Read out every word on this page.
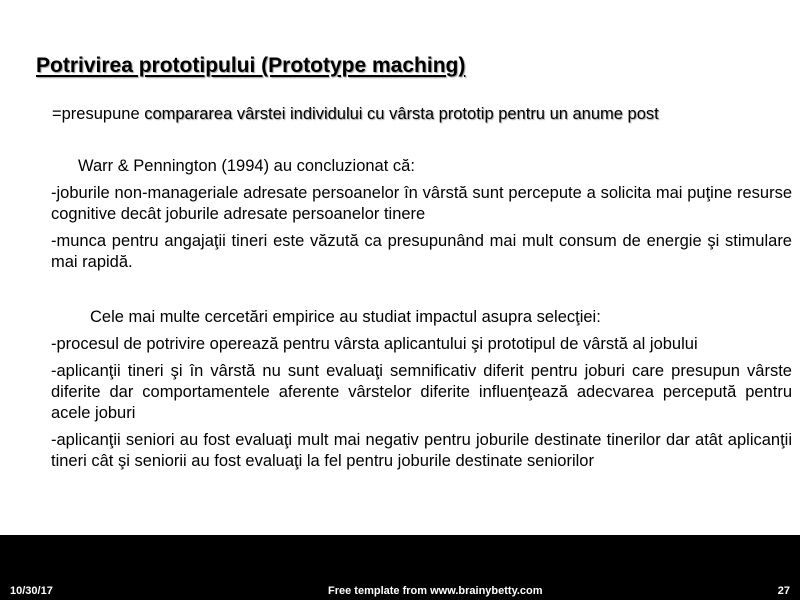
Potrivirea prototipului (Prototype maching)
=presupune compararea vârstei individului cu vârsta prototip pentru un anume post
Warr & Pennington (1994) au concluzionat că:
-joburile non-manageriale adresate persoanelor în vârstă sunt percepute a solicita mai puţine resurse cognitive decât joburile adresate persoanelor tinere
-munca pentru angajaţii tineri este văzută ca presupunând mai mult consum de energie şi stimulare mai rapidă.
Cele mai multe cercetări empirice au studiat impactul asupra selecţiei:
-procesul de potrivire operează pentru vârsta aplicantului şi prototipul de vârstă al jobului
-aplicanţii tineri şi în vârstă nu sunt evaluaţi semnificativ diferit pentru joburi care presupun vârste diferite dar comportamentele aferente vârstelor diferite influenţează adecvarea percepută pentru acele joburi
-aplicanţii seniori au fost evaluaţi mult mai negativ pentru joburile destinate tinerilor dar atât aplicanţii tineri cât şi seniorii au fost evaluaţi la fel pentru joburile destinate seniorilor
10/30/17	Free template from www.brainybetty.com	27
